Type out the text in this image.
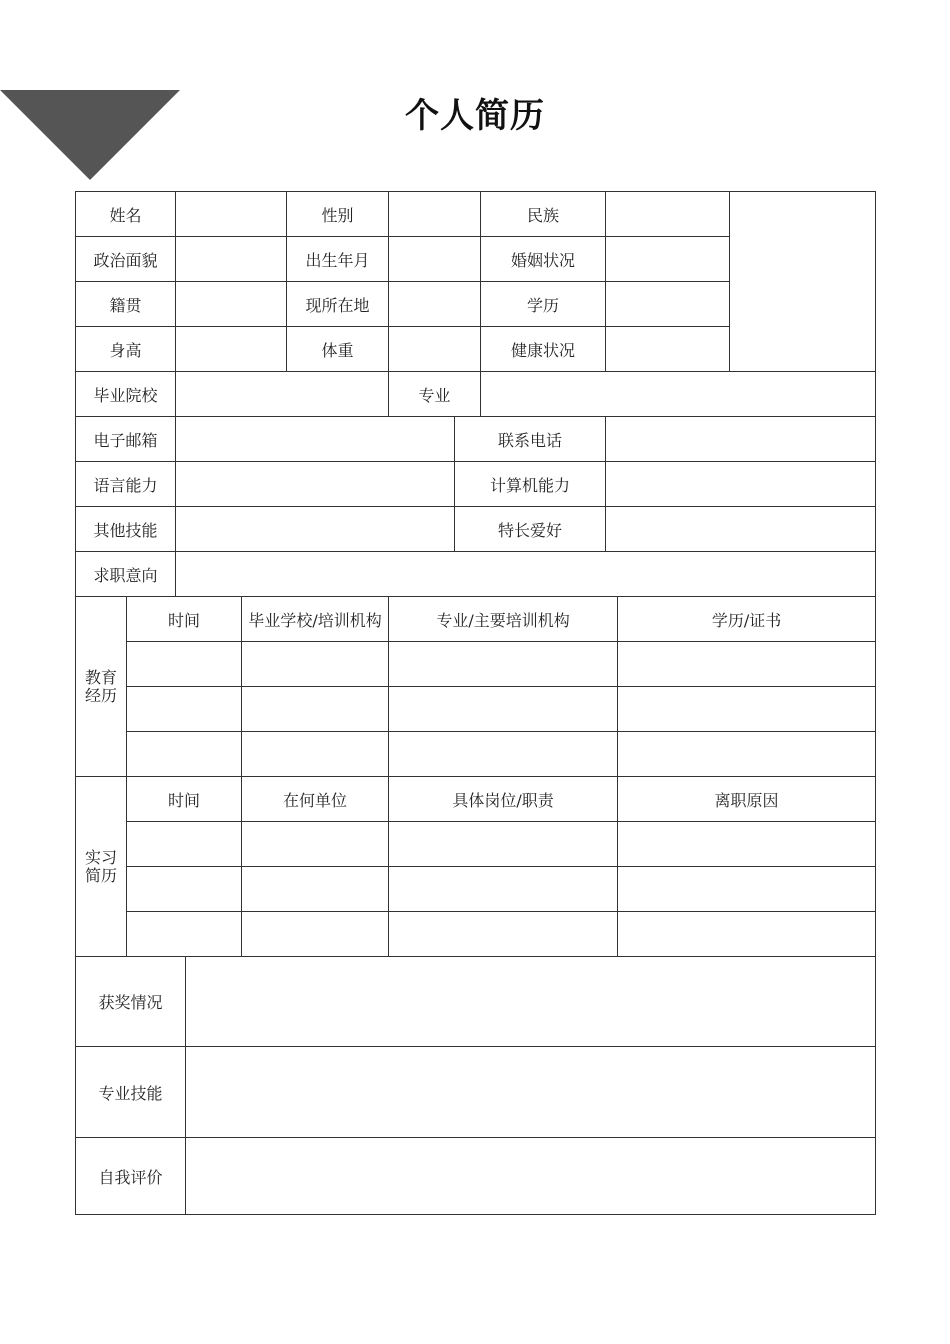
个人简历
姓名					性别			民族			
政治面貌					出生年月			婚姻状况			
籍贯					现所在地			学历			
身高					体重			健康状况			
毕业院校						专业					
电子邮箱							联系电话				
语言能力							计算机能力				
其他技能							特长爱好				
求职意向											

教育
经历	时间			毕业学校/培训机构		专业/主要培训机构				学历/证书	

实习
简历	时间			在何单位		具体岗位/职责				离职原因	

获奖情况											
专业技能											
自我评价											
